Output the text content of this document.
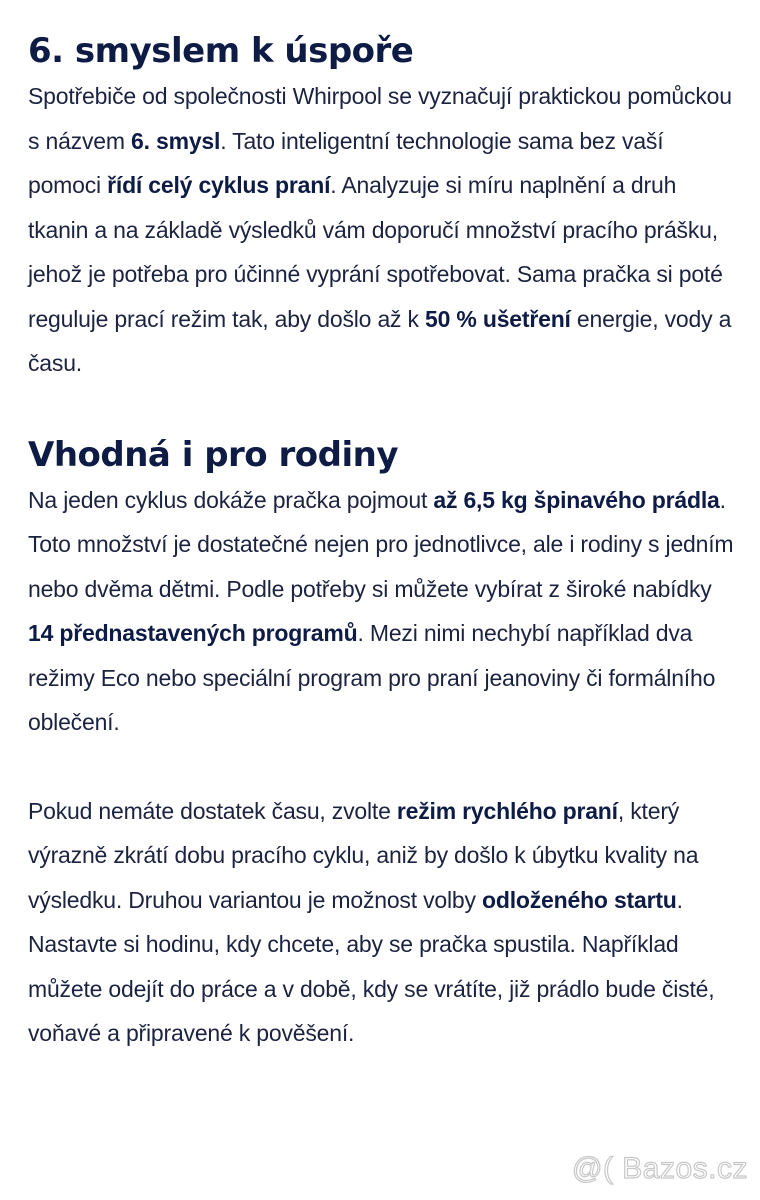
6. smyslem k úspoře

Spotřebiče od společnosti Whirpool se vyznačují praktickou pomůckou s názvem 6. smysl. Tato inteligentní technologie sama bez vaší pomoci řídí celý cyklus praní. Analyzuje si míru naplnění a druh tkanin a na základě výsledků vám doporučí množství pracího prášku, jehož je potřeba pro účinné vyprání spotřebovat. Sama pračka si poté reguluje prací režim tak, aby došlo až k 50 % ušetření energie, vody a času.

Vhodná i pro rodiny

Na jeden cyklus dokáže pračka pojmout až 6,5 kg špinavého prádla. Toto množství je dostatečné nejen pro jednotlivce, ale i rodiny s jedním nebo dvěma dětmi. Podle potřeby si můžete vybírat z široké nabídky 14 přednastavených programů. Mezi nimi nechybí například dva režimy Eco nebo speciální program pro praní jeanoviny či formálního oblečení.

Pokud nemáte dostatek času, zvolte režim rychlého praní, který výrazně zkrátí dobu pracího cyklu, aniž by došlo k úbytku kvality na výsledku. Druhou variantou je možnost volby odloženého startu. Nastavte si hodinu, kdy chcete, aby se pračka spustila. Například můžete odejít do práce a v době, kdy se vrátíte, již prádlo bude čisté, voňavé a připravené k pověšení.

@( Bazos.cz
